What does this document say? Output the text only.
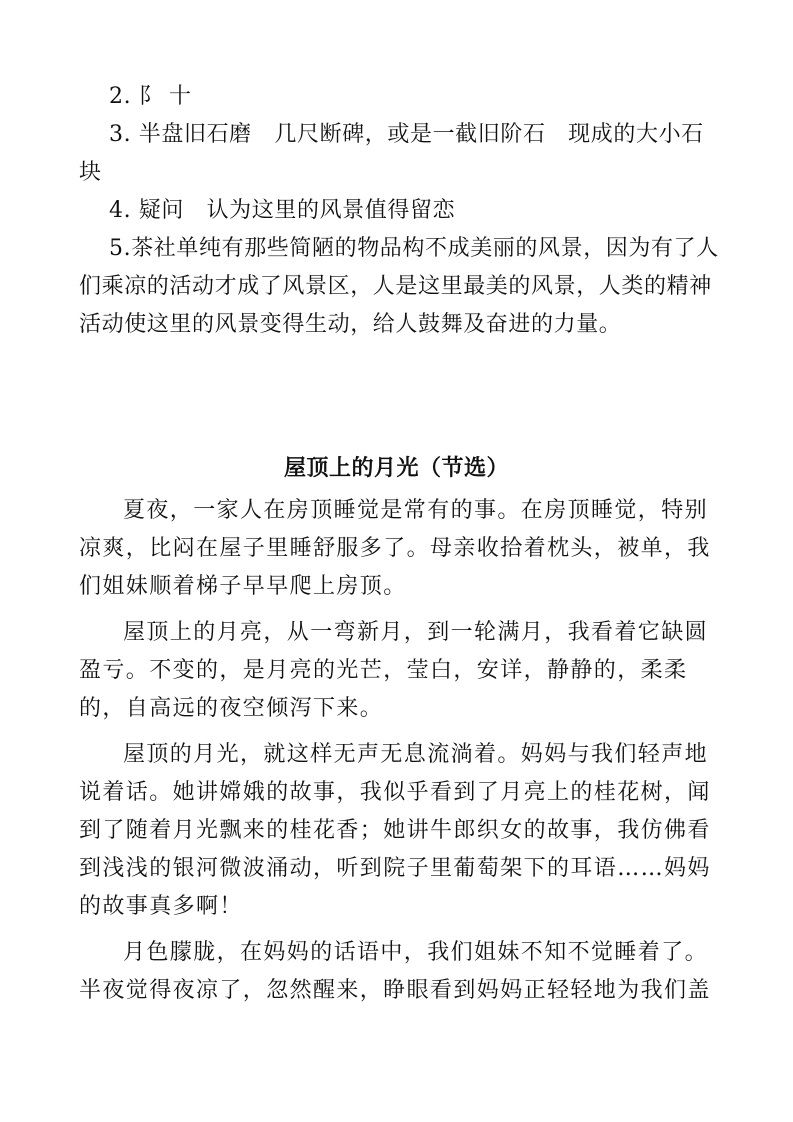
2. ⻖ 十

3. 半盘旧石磨　几尺断碑，或是一截旧阶石　现成的大小石块

4. 疑问　认为这里的风景值得留恋

5.茶社单纯有那些简陋的物品构不成美丽的风景，因为有了人们乘凉的活动才成了风景区，人是这里最美的风景，人类的精神活动使这里的风景变得生动，给人鼓舞及奋进的力量。

屋顶上的月光（节选）

夏夜，一家人在房顶睡觉是常有的事。在房顶睡觉，特别凉爽，比闷在屋子里睡舒服多了。母亲收拾着枕头，被单，我们姐妹顺着梯子早早爬上房顶。

屋顶上的月亮，从一弯新月，到一轮满月，我看着它缺圆盈亏。不变的，是月亮的光芒，莹白，安详，静静的，柔柔的，自高远的夜空倾泻下来。

屋顶的月光，就这样无声无息流淌着。妈妈与我们轻声地说着话。她讲嫦娥的故事，我似乎看到了月亮上的桂花树，闻到了随着月光飘来的桂花香；她讲牛郎织女的故事，我仿佛看到浅浅的银河微波涌动，听到院子里葡萄架下的耳语……妈妈的故事真多啊！

月色朦胧，在妈妈的话语中，我们姐妹不知不觉睡着了。半夜觉得夜凉了，忽然醒来，睁眼看到妈妈正轻轻地为我们盖
